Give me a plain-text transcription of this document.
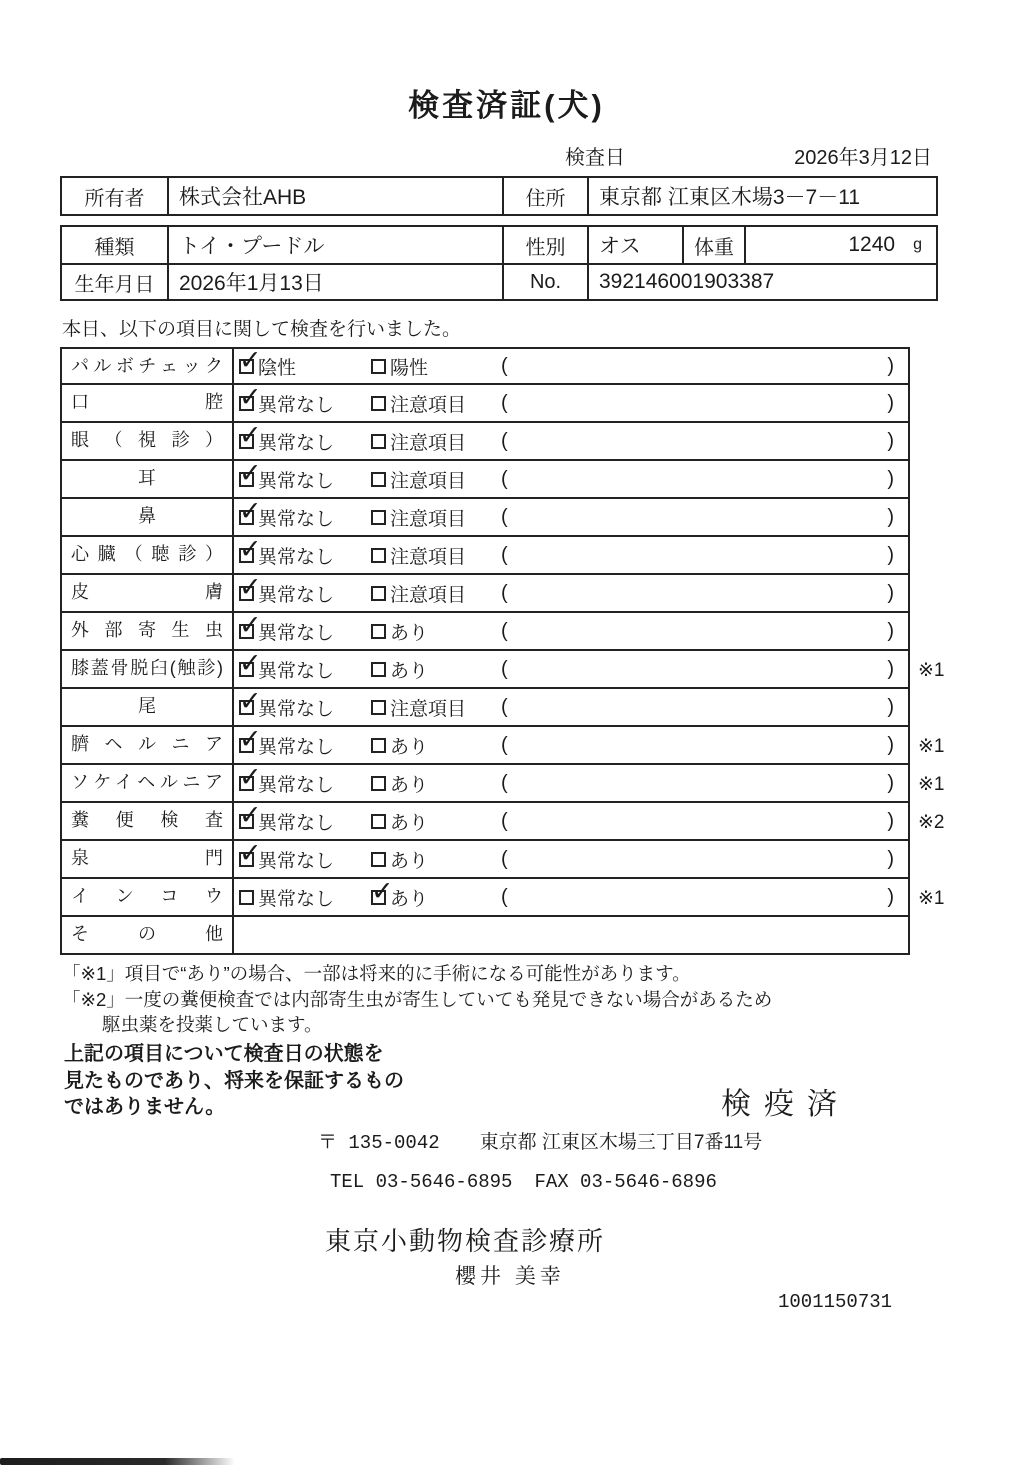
検査済証(犬)
検査日	2026年3月12日
所有者	株式会社AHB	住所	東京都 江東区木場3－7－11
種類	トイ・プードル	性別	オス	体重	1240 g
生年月日	2026年1月13日	No.	392146001903387
本日、以下の項目に関して検査を行いました。
パルボチェック ✓	陰性	陽性	(	)
口腔 ✓	異常なし	注意項目 (	)
眼（視診） ✓	異常なし	注意項目 (	)
耳 ✓	異常なし	注意項目 (	)
鼻 ✓	異常なし	注意項目 (	)
心臓（聴診） ✓	異常なし	注意項目 (	)
皮膚 ✓	異常なし	注意項目 (	)
外部寄生虫 ✓	異常なし	あり	(	)
膝蓋骨脱臼(触診) ✓	異常なし	あり	(	)	※1
尾 ✓	異常なし	注意項目 (	)
臍ヘルニア ✓	異常なし	あり	(	)	※1
ソケイヘルニア ✓	異常なし	あり	(	)	※1
糞便検査 ✓	異常なし	あり	(	)	※2
泉門 ✓	異常なし	あり	(	)
インコウ	異常なし ✓	あり	(	)	※1
その他
「※1」項目で“あり”の場合、一部は将来的に手術になる可能性があります。
「※2」一度の糞便検査では内部寄生虫が寄生していても発見できない場合があるため
駆虫薬を投薬しています。
上記の項目について検査日の状態を
見たものであり、将来を保証するもの
ではありません。	検疫済
〒 135-0042 東京都 江東区木場三丁目7番11号
TEL 03-5646-6895 FAX 03-5646-6896
東京小動物検査診療所
櫻井 美幸
1001150731
